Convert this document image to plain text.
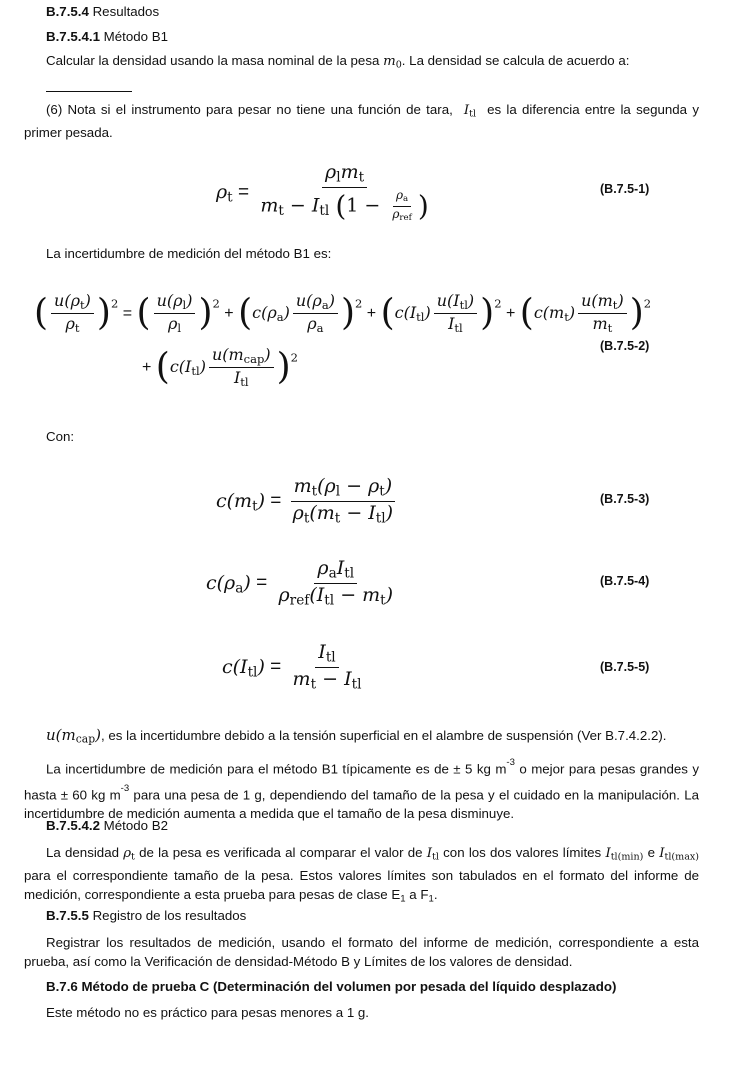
B.7.5.4 Resultados
B.7.5.4.1 Método B1
Calcular la densidad usando la masa nominal de la pesa $m_0$. La densidad se calcula de acuerdo a:
(6) Nota si el instrumento para pesar no tiene una función de tara,  $I_{tl}$ es la diferencia entre la segunda y primer pesada.
$\rho_t = \frac{\rho_lm_t}{m_t - I_{tl} (1 - \frac{\rho_a}{\rho_{ref}} )}$	(B.7.5-1)
La incertidumbre de medición del método B1 es:
( $\frac{u(\rho_t)}{\rho_t} )^2$ = ( $\frac{u(\rho_l)}{\rho_l} )^2 + (c(\rho_a) \frac{u(\rho_a)}{\rho_a} )^2 + (c(I_{tl}) \frac{u(I_{tl})}{I_{tl}} )^2 + (c(m_t) \frac{u(m_t)}{m_t} )^2$
+ $(c(I_{tl}) \frac{u(m_{cap})}{I_{tl}} )^2$
(B.7.5-2)
Con:
$c(m_t) = \frac{m_t(\rho_l - \rho_t)}{\rho_t(m_t - I_{tl})}$	(B.7.5-3)
$c(\rho_a) = \frac{\rho_aI_{tl}}{\rho_{ref}(I_{tl} - m_t)}$	(B.7.5-4)
$c(I_{tl}) = \frac{I_{tl}}{m_t - I_{tl}}$	(B.7.5-5)
$u(m_{cap})$, es la incertidumbre debido a la tensión superficial en el alambre de suspensión (Ver B.7.4.2.2).
La incertidumbre de medición para el método B1 típicamente es de ± 5 kg $m^{-3}$ o mejor para pesas grandes y hasta ± 60 kg $m^{-3}$ para una pesa de 1 g, dependiendo del tamaño de la pesa y el cuidado en la manipulación. La incertidumbre de medición aumenta a medida que el tamaño de la pesa disminuye.
B.7.5.4.2 Método B2
La densidad $\rho_t$ de la pesa es verificada al comparar el valor de $I_{tl}$ con los dos valores límites $I_{tl(min)}$ e $I_{tl(max)}$ para el correspondiente tamaño de la pesa. Estos valores límites son tabulados en el formato del informe de medición, correspondiente a esta prueba para pesas de clase $E_1$ a $F_1$.
B.7.5.5 Registro de los resultados
Registrar los resultados de medición, usando el formato del informe de medición, correspondiente a esta prueba, así como la Verificación de densidad-Método B y Límites de los valores de densidad.
B.7.6 Método de prueba C (Determinación del volumen por pesada del líquido desplazado)
Este método no es práctico para pesas menores a 1 g.
